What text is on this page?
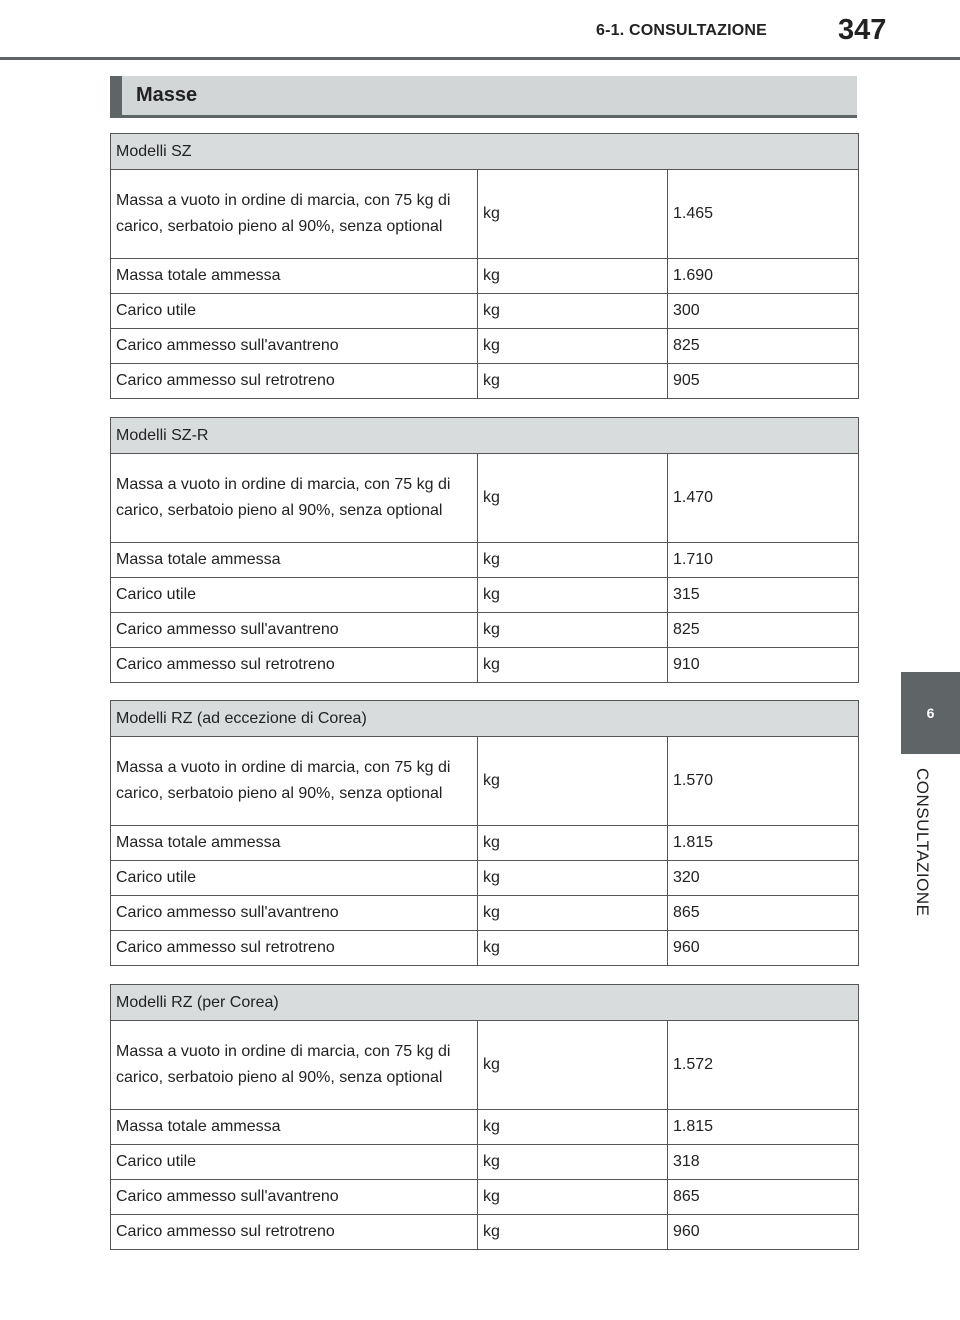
6-1. CONSULTAZIONE 347
6
CONSULTAZIONE
Masse
Modelli SZ		
Massa a vuoto in ordine di marcia, con 75 kg di carico, serbatoio pieno al 90%, senza optional	kg	1.465
Massa totale ammessa	kg	1.690
Carico utile	kg	300
Carico ammesso sull'avantreno	kg	825
Carico ammesso sul retrotreno	kg	905
Modelli SZ-R		
Massa a vuoto in ordine di marcia, con 75 kg di carico, serbatoio pieno al 90%, senza optional	kg	1.470
Massa totale ammessa	kg	1.710
Carico utile	kg	315
Carico ammesso sull'avantreno	kg	825
Carico ammesso sul retrotreno	kg	910
Modelli RZ (ad eccezione di Corea)		
Massa a vuoto in ordine di marcia, con 75 kg di carico, serbatoio pieno al 90%, senza optional	kg	1.570
Massa totale ammessa	kg	1.815
Carico utile	kg	320
Carico ammesso sull'avantreno	kg	865
Carico ammesso sul retrotreno	kg	960
Modelli RZ (per Corea)		
Massa a vuoto in ordine di marcia, con 75 kg di carico, serbatoio pieno al 90%, senza optional	kg	1.572
Massa totale ammessa	kg	1.815
Carico utile	kg	318
Carico ammesso sull'avantreno	kg	865
Carico ammesso sul retrotreno	kg	960
